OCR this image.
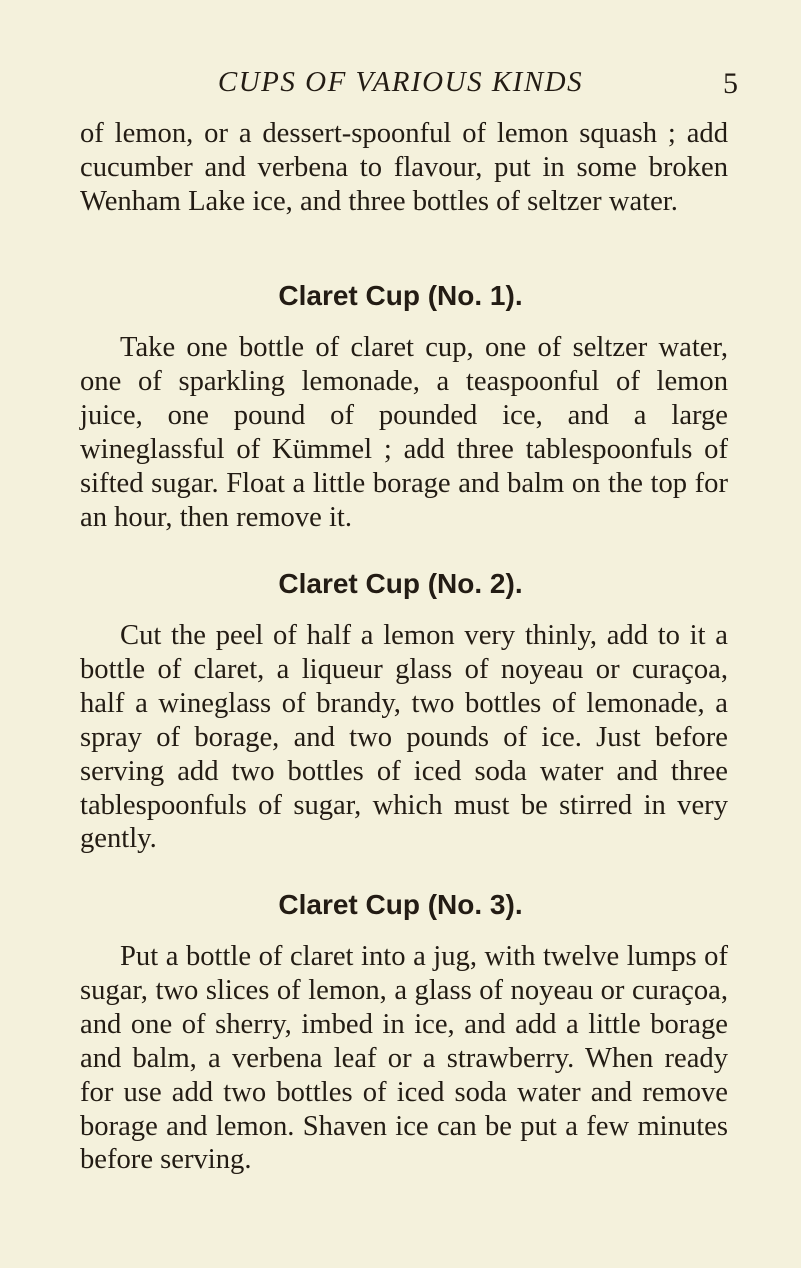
CUPS OF VARIOUS KINDS	5

of lemon, or a dessert-spoonful of lemon squash ; add cucumber and verbena to flavour, put in some broken Wenham Lake ice, and three bottles of seltzer water.

Claret Cup (No. 1).

Take one bottle of claret cup, one of seltzer water, one of sparkling lemonade, a teaspoonful of lemon juice, one pound of pounded ice, and a large wineglassful of Kümmel ; add three tablespoonfuls of sifted sugar. Float a little borage and balm on the top for an hour, then remove it.

Claret Cup (No. 2).

Cut the peel of half a lemon very thinly, add to it a bottle of claret, a liqueur glass of noyeau or curaçoa, half a wineglass of brandy, two bottles of lemonade, a spray of borage, and two pounds of ice. Just before serving add two bottles of iced soda water and three tablespoonfuls of sugar, which must be stirred in very gently.

Claret Cup (No. 3).

Put a bottle of claret into a jug, with twelve lumps of sugar, two slices of lemon, a glass of noyeau or curaçoa, and one of sherry, imbed in ice, and add a little borage and balm, a verbena leaf or a strawberry. When ready for use add two bottles of iced soda water and remove borage and lemon. Shaven ice can be put a few minutes before serving.
